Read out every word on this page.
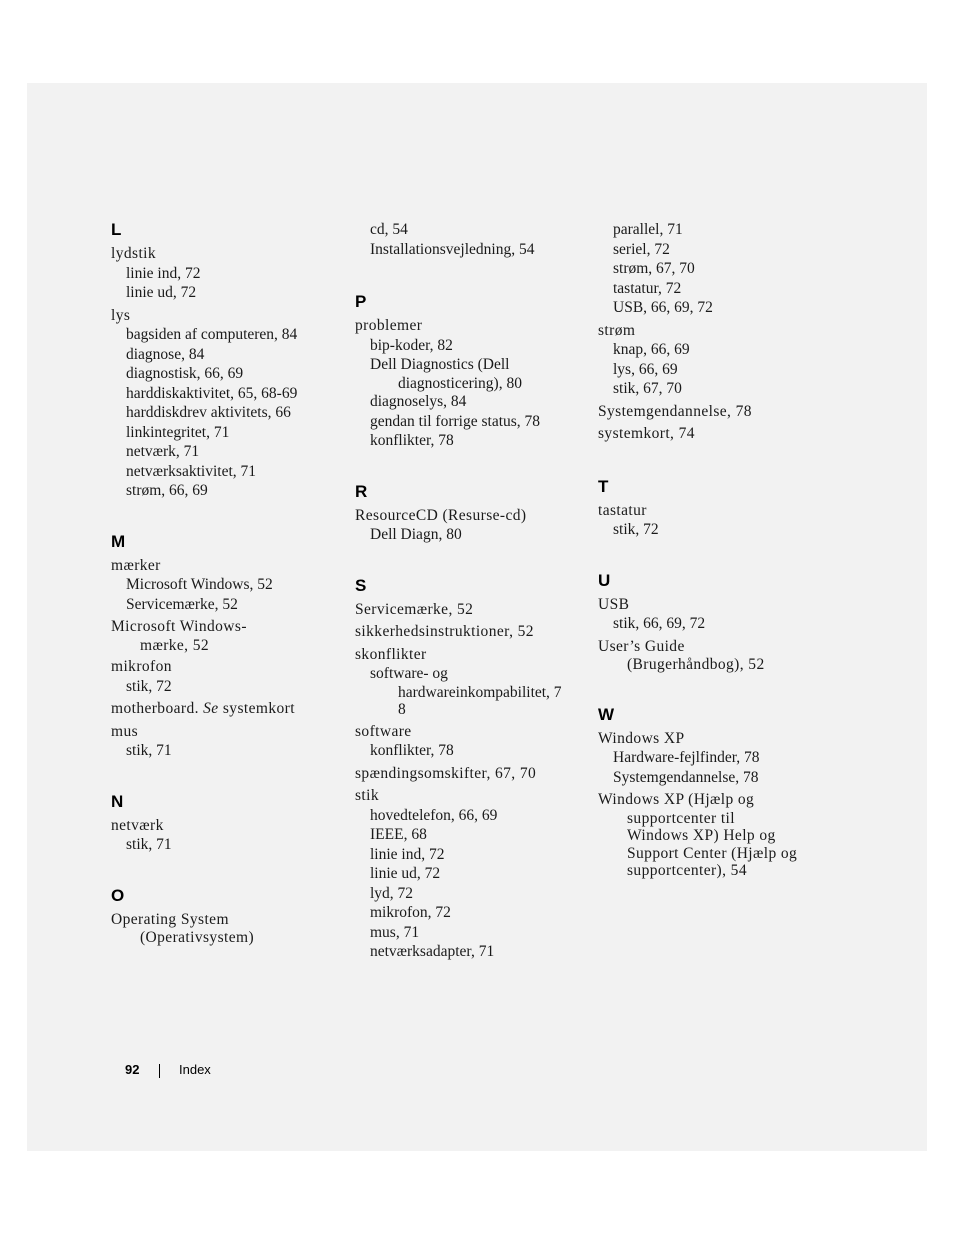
L
lydstik
linie ind, 72
linie ud, 72
lys
bagsiden af computeren, 84
diagnose, 84
diagnostisk, 66, 69
harddiskaktivitet, 65, 68-69
harddiskdrev aktivitets, 66
linkintegritet, 71
netværk, 71
netværksaktivitet, 71
strøm, 66, 69
M
mærker
Microsoft Windows, 52
Servicemærke, 52
Microsoft Windows-
mærke, 52
mikrofon
stik, 72
motherboard. Se systemkort
mus
stik, 71
N
netværk
stik, 71
O
Operating System
(Operativsystem)
cd, 54
Installationsvejledning, 54
P
problemer
bip-koder, 82
Dell Diagnostics (Dell
diagnosticering), 80
diagnoselys, 84
gendan til forrige status, 78
konflikter, 78
R
ResourceCD (Resurse-cd)
Dell Diagn, 80
S
Servicemærke, 52
sikkerhedsinstruktioner, 52
skonflikter
software- og
hardwareinkompabilitet, 7
8
software
konflikter, 78
spændingsomskifter, 67, 70
stik
hovedtelefon, 66, 69
IEEE, 68
linie ind, 72
linie ud, 72
lyd, 72
mikrofon, 72
mus, 71
netværksadapter, 71
parallel, 71
seriel, 72
strøm, 67, 70
tastatur, 72
USB, 66, 69, 72
strøm
knap, 66, 69
lys, 66, 69
stik, 67, 70
Systemgendannelse, 78
systemkort, 74
T
tastatur
stik, 72
U
USB
stik, 66, 69, 72
User’s Guide
(Brugerhåndbog), 52
W
Windows XP
Hardware-fejlfinder, 78
Systemgendannelse, 78
Windows XP (Hjælp og
supportcenter til
Windows XP) Help og
Support Center (Hjælp og
supportcenter), 54
92	Index
